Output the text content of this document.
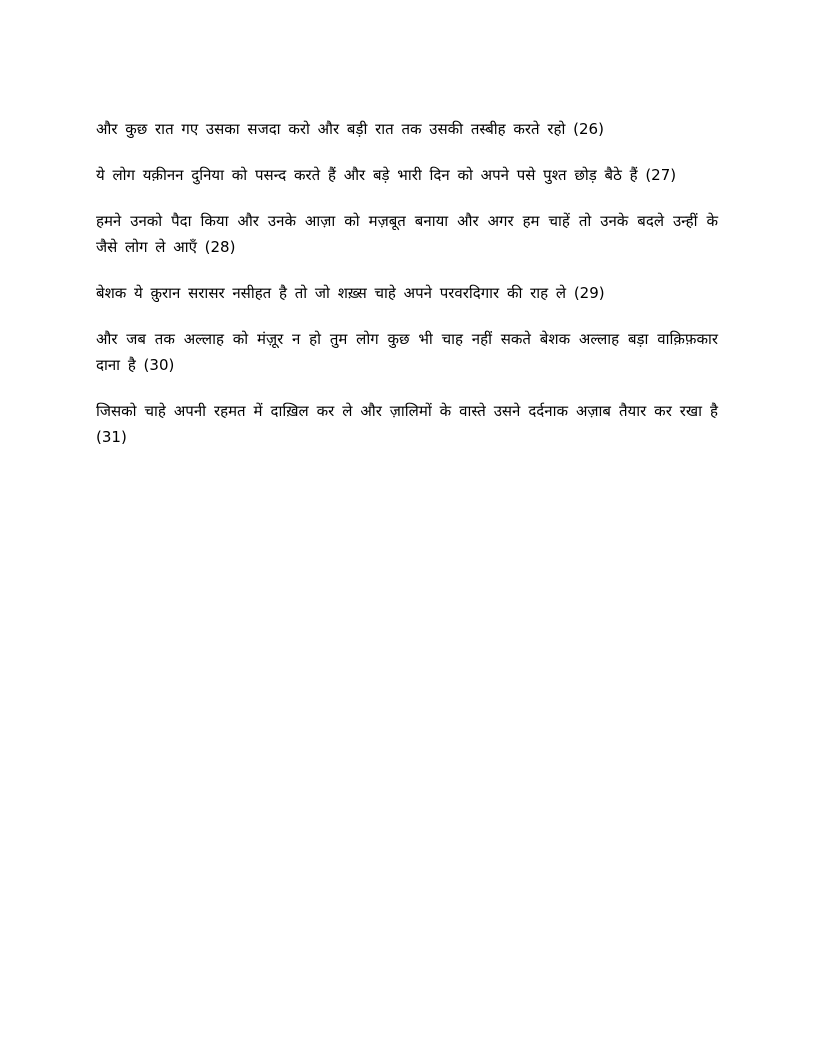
और कुछ रात गए उसका सजदा करो और बड़ी रात तक उसकी तस्बीह करते रहो (26)

ये लोग यक़ीनन दुनिया को पसन्द करते हैं और बड़े भारी दिन को अपने पसे पुश्त छोड़ बैठे हैं (27)

हमने उनको पैदा किया और उनके आज़ा को मज़बूत बनाया और अगर हम चाहें तो उनके बदले उन्हीं के जैसे लोग ले आएँ (28)

बेशक ये क़ुरान सरासर नसीहत है तो जो शख़्स चाहे अपने परवरदिगार की राह ले (29)

और जब तक अल्लाह को मंज़ूर न हो तुम लोग कुछ भी चाह नहीं सकते बेशक अल्लाह बड़ा वाक़िफ़कार दाना है (30)

जिसको चाहे अपनी रहमत में दाख़िल कर ले और ज़ालिमों के वास्ते उसने दर्दनाक अज़ाब तैयार कर रखा है (31)
